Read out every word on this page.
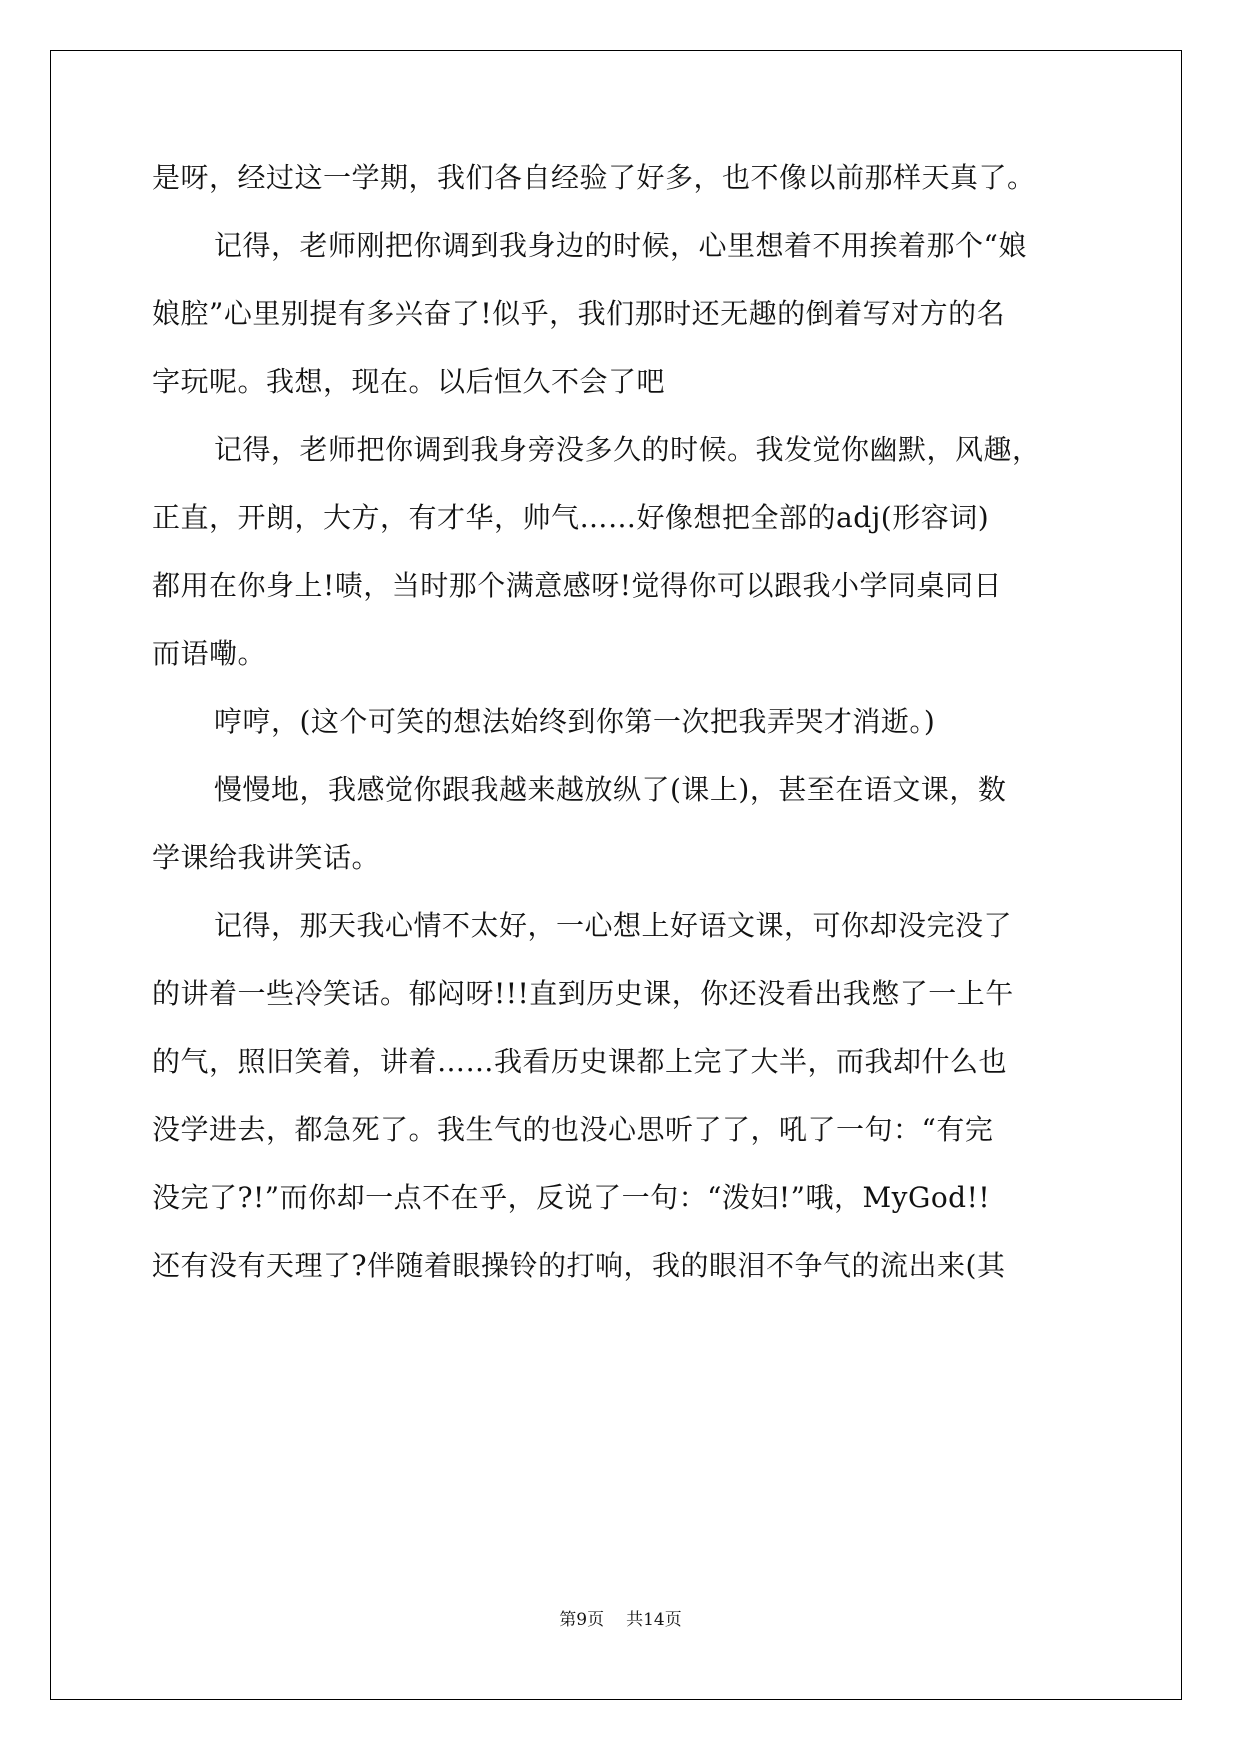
是呀，经过这一学期，我们各自经验了好多，也不像以前那样天真了。
记得，老师刚把你调到我身边的时候，心里想着不用挨着那个“娘
娘腔”心里别提有多兴奋了!似乎，我们那时还无趣的倒着写对方的名
字玩呢。我想，现在。以后恒久不会了吧
记得，老师把你调到我身旁没多久的时候。我发觉你幽默，风趣，
正直，开朗，大方，有才华，帅气……好像想把全部的adj(形容词)
都用在你身上!啧，当时那个满意感呀!觉得你可以跟我小学同桌同日
而语嘞。
哼哼，(这个可笑的想法始终到你第一次把我弄哭才消逝。)
慢慢地，我感觉你跟我越来越放纵了(课上)，甚至在语文课，数
学课给我讲笑话。
记得，那天我心情不太好，一心想上好语文课，可你却没完没了
的讲着一些冷笑话。郁闷呀!!!直到历史课，你还没看出我憋了一上午
的气，照旧笑着，讲着……我看历史课都上完了大半，而我却什么也
没学进去，都急死了。我生气的也没心思听了了，吼了一句：“有完
没完了?!”而你却一点不在乎，反说了一句：“泼妇!”哦，MyGod!!
还有没有天理了?伴随着眼操铃的打响，我的眼泪不争气的流出来(其
第9页 共14页
